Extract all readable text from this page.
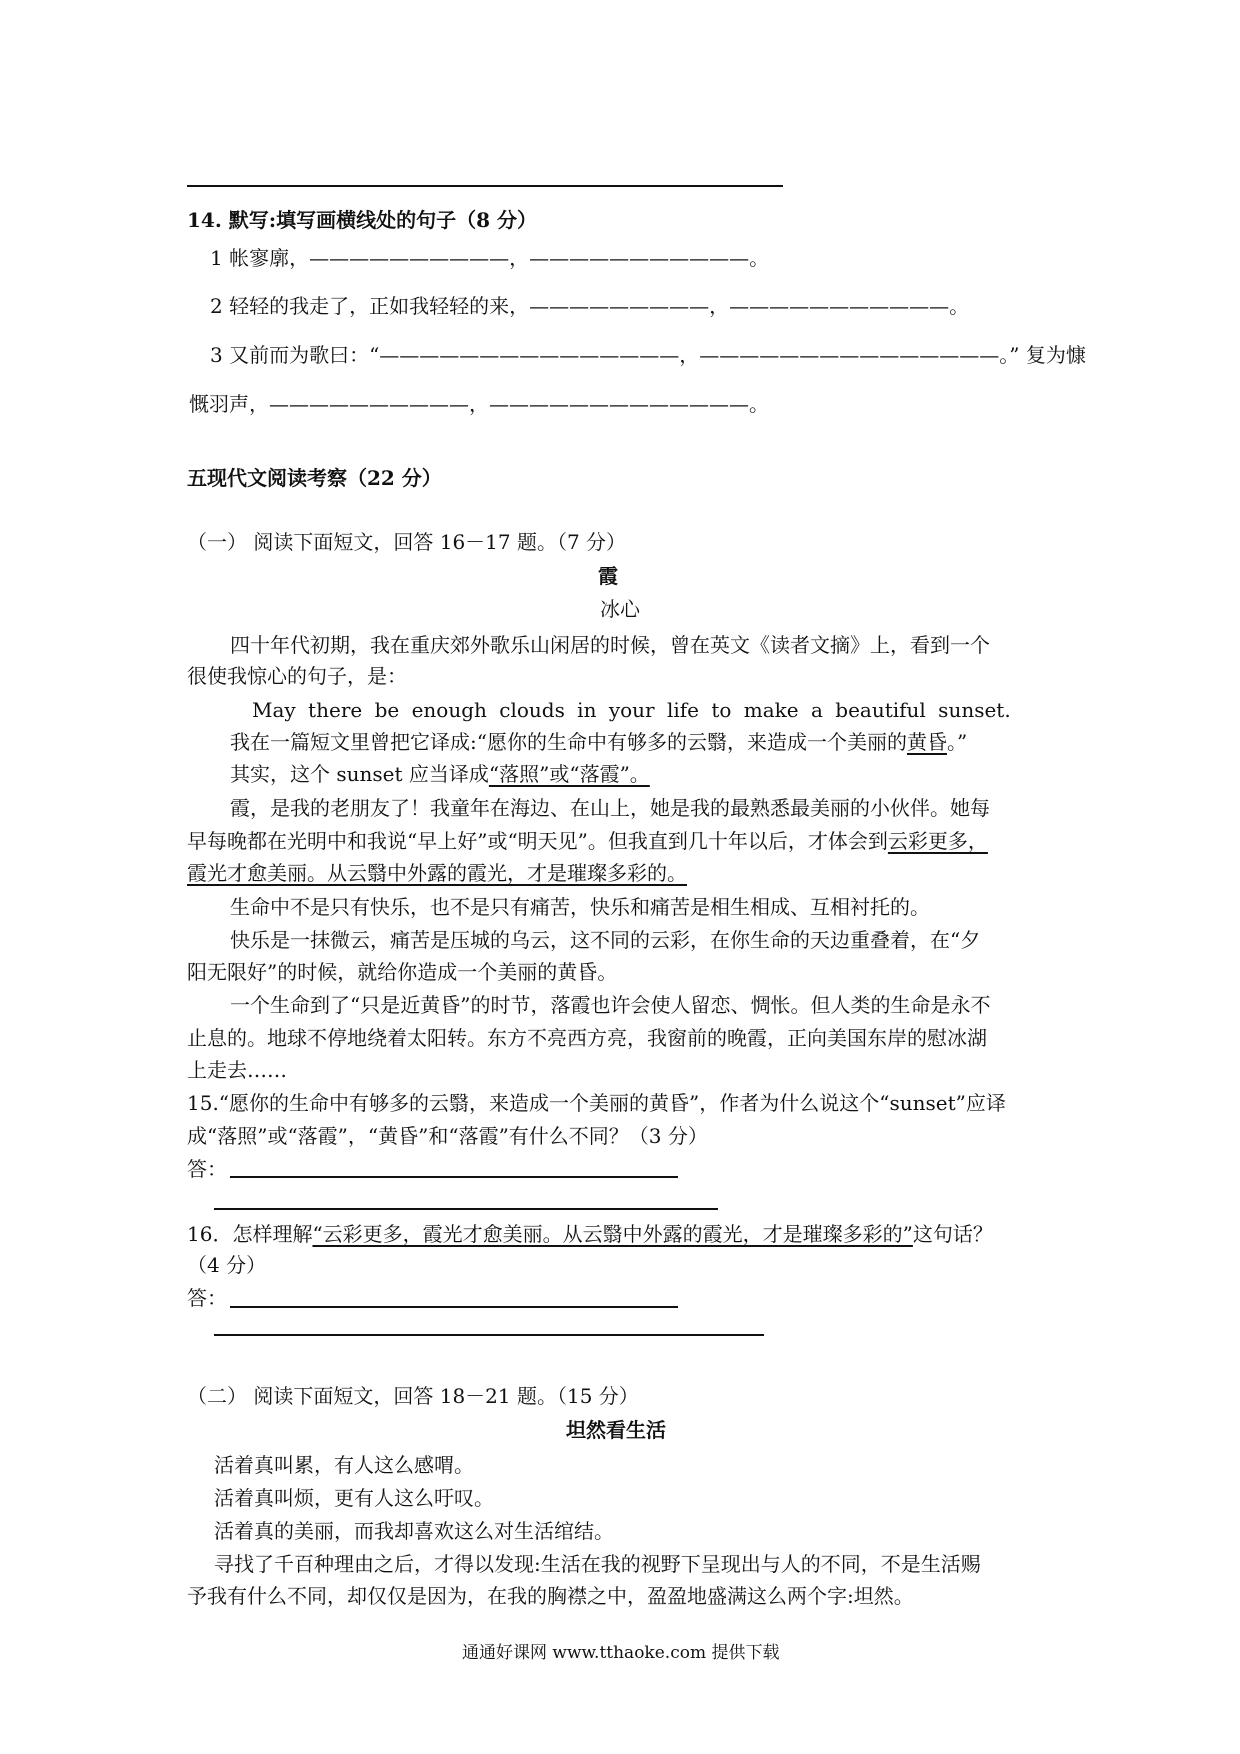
14. 默写:填写画横线处的句子（8 分）
1 帐寥廓，——————————，———————————。
2 轻轻的我走了，正如我轻轻的来，—————————，———————————。
3 又前而为歌曰：“———————————————，———————————————。” 复为慷
慨羽声，——————————，—————————————。
五现代文阅读考察（22 分）
（一） 阅读下面短文，回答 16－17 题。（7 分）
霞
冰心
四十年代初期，我在重庆郊外歌乐山闲居的时候，曾在英文《读者文摘》上，看到一个
很使我惊心的句子，是：
May there be enough clouds in your life to make a beautiful sunset.
我在一篇短文里曾把它译成:“愿你的生命中有够多的云翳，来造成一个美丽的黄昏。”
其实，这个 sunset 应当译成“落照”或“落霞”。
霞，是我的老朋友了！我童年在海边、在山上，她是我的最熟悉最美丽的小伙伴。她每
早每晚都在光明中和我说“早上好”或“明天见”。但我直到几十年以后，才体会到云彩更多，
霞光才愈美丽。从云翳中外露的霞光，才是璀璨多彩的。
生命中不是只有快乐，也不是只有痛苦，快乐和痛苦是相生相成、互相衬托的。
快乐是一抹微云，痛苦是压城的乌云，这不同的云彩，在你生命的天边重叠着，在“夕
阳无限好”的时候，就给你造成一个美丽的黄昏。
一个生命到了“只是近黄昏”的时节，落霞也许会使人留恋、惆怅。但人类的生命是永不
止息的。地球不停地绕着太阳转。东方不亮西方亮，我窗前的晚霞，正向美国东岸的慰冰湖
上走去……
15.“愿你的生命中有够多的云翳，来造成一个美丽的黄昏”，作者为什么说这个“sunset”应译
成“落照”或“落霞”，“黄昏”和“落霞”有什么不同？（3 分）
答：
16．怎样理解“云彩更多，霞光才愈美丽。从云翳中外露的霞光，才是璀璨多彩的”这句话？
（4 分）
答：
（二） 阅读下面短文，回答 18－21 题。（15 分）
坦然看生活
活着真叫累，有人这么感喟。
活着真叫烦，更有人这么吁叹。
活着真的美丽，而我却喜欢这么对生活绾结。
寻找了千百种理由之后，才得以发现:生活在我的视野下呈现出与人的不同，不是生活赐
予我有什么不同，却仅仅是因为，在我的胸襟之中，盈盈地盛满这么两个字:坦然。
通通好课网 www.tthaoke.com 提供下载
